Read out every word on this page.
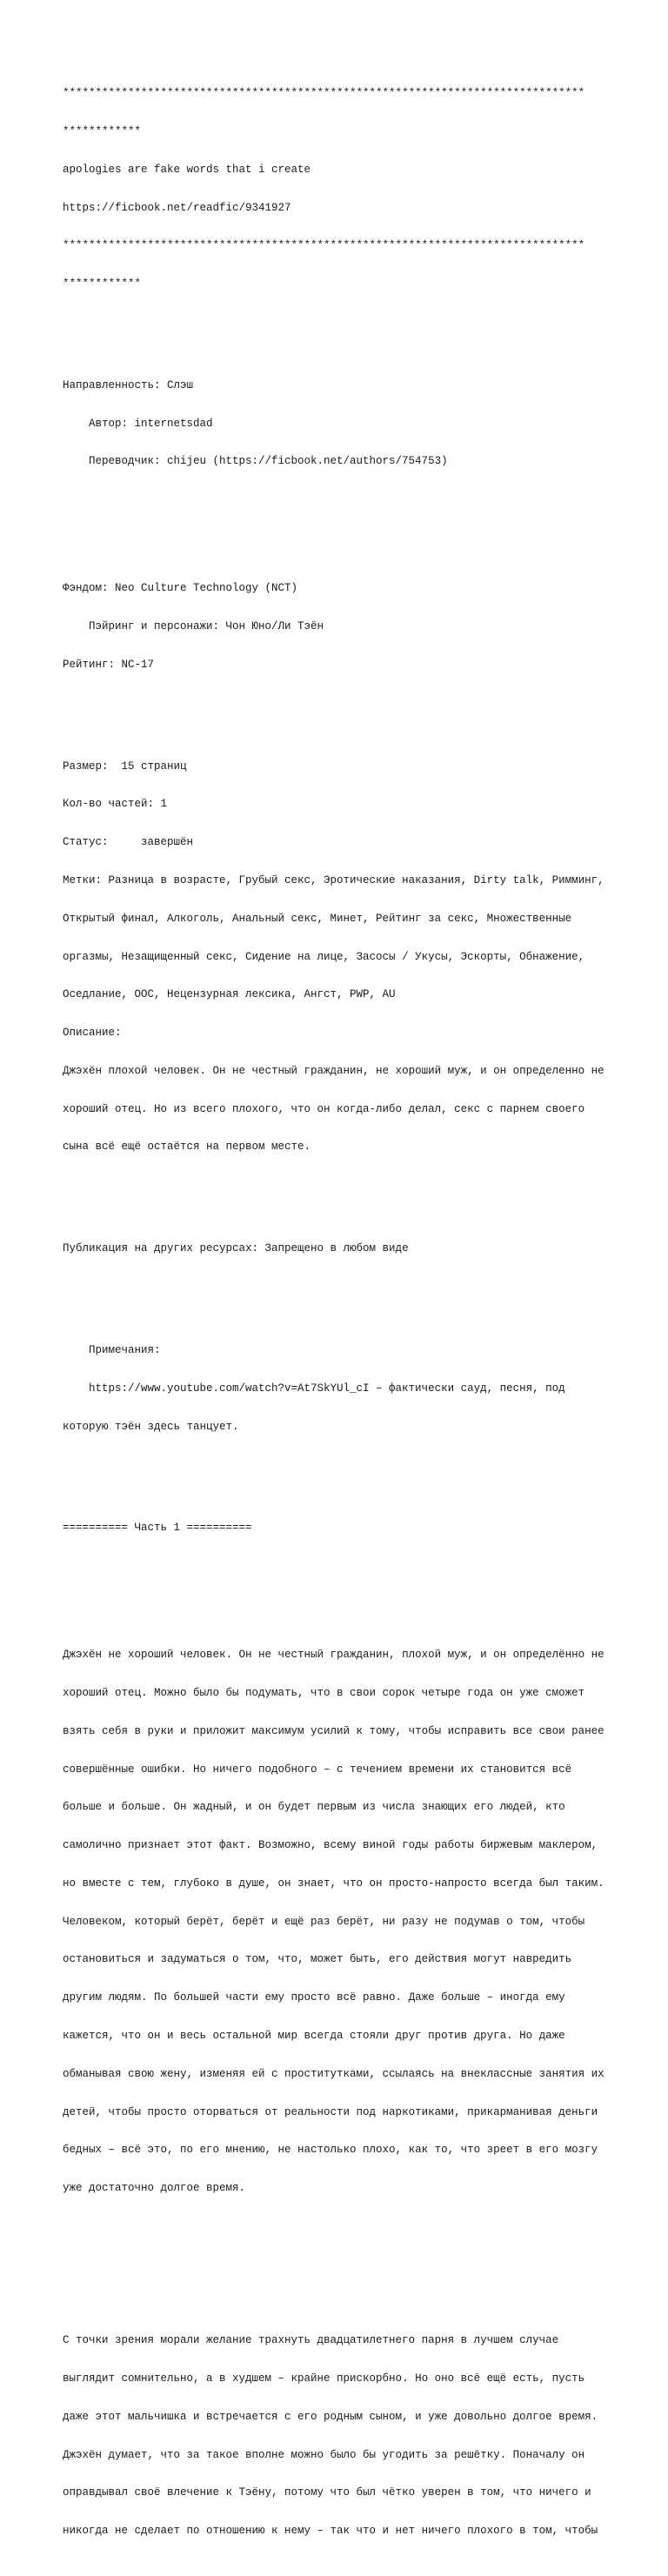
********************************************************************************

************

apologies are fake words that i create

https://ficbook.net/readfic/9341927

********************************************************************************

************

Направленность: Слэш

Автор: internetsdad

Переводчик: chijeu (https://ficbook.net/authors/754753)

Фэндом: Neo Culture Technology (NCT)

Пэйринг и персонажи: Чон Юно/Ли Тэён

Рейтинг: NC-17

Размер:  15 страниц

Кол-во частей: 1

Статус:     завершён

Метки: Разница в возрасте, Грубый секс, Эротические наказания, Dirty talk, Римминг,

Открытый финал, Алкоголь, Анальный секс, Минет, Рейтинг за секс, Множественные

оргазмы, Незащищенный секс, Сидение на лице, Засосы / Укусы, Эскорты, Обнажение,

Оседлание, OOC, Нецензурная лексика, Ангст, PWP, AU

Описание:

Джэхён плохой человек. Он не честный гражданин, не хороший муж, и он определенно не

хороший отец. Но из всего плохого, что он когда-либо делал, секс с парнем своего

сына всё ещё остаётся на первом месте.

Публикация на других ресурсах: Запрещено в любом виде

Примечания:

https://www.youtube.com/watch?v=At7SkYUl_cI – фактически сауд, песня, под

которую тэён здесь танцует.

========== Часть 1 ==========

Джэхён не хороший человек. Он не честный гражданин, плохой муж, и он определённо не

хороший отец. Можно было бы подумать, что в свои сорок четыре года он уже сможет

взять себя в руки и приложит максимум усилий к тому, чтобы исправить все свои ранее

совершённые ошибки. Но ничего подобного – с течением времени их становится всё

больше и больше. Он жадный, и он будет первым из числа знающих его людей, кто

самолично признает этот факт. Возможно, всему виной годы работы биржевым маклером,

но вместе с тем, глубоко в душе, он знает, что он просто-напросто всегда был таким.

Человеком, который берёт, берёт и ещё раз берёт, ни разу не подумав о том, чтобы

остановиться и задуматься о том, что, может быть, его действия могут навредить

другим людям. По большей части ему просто всё равно. Даже больше – иногда ему

кажется, что он и весь остальной мир всегда стояли друг против друга. Но даже

обманывая свою жену, изменяя ей с проститутками, ссылаясь на внеклассные занятия их

детей, чтобы просто оторваться от реальности под наркотиками, прикарманивая деньги

бедных – всё это, по его мнению, не настолько плохо, как то, что зреет в его мозгу

уже достаточно долгое время.

С точки зрения морали желание трахнуть двадцатилетнего парня в лучшем случае

выглядит сомнительно, а в худшем – крайне прискорбно. Но оно всё ещё есть, пусть

даже этот мальчишка и встречается с его родным сыном, и уже довольно долгое время.

Джэхён думает, что за такое вполне можно было бы угодить за решётку. Поначалу он

оправдывал своё влечение к Тэёну, потому что был чётко уверен в том, что ничего и

никогда не сделает по отношению к нему – так что и нет ничего плохого в том, чтобы
